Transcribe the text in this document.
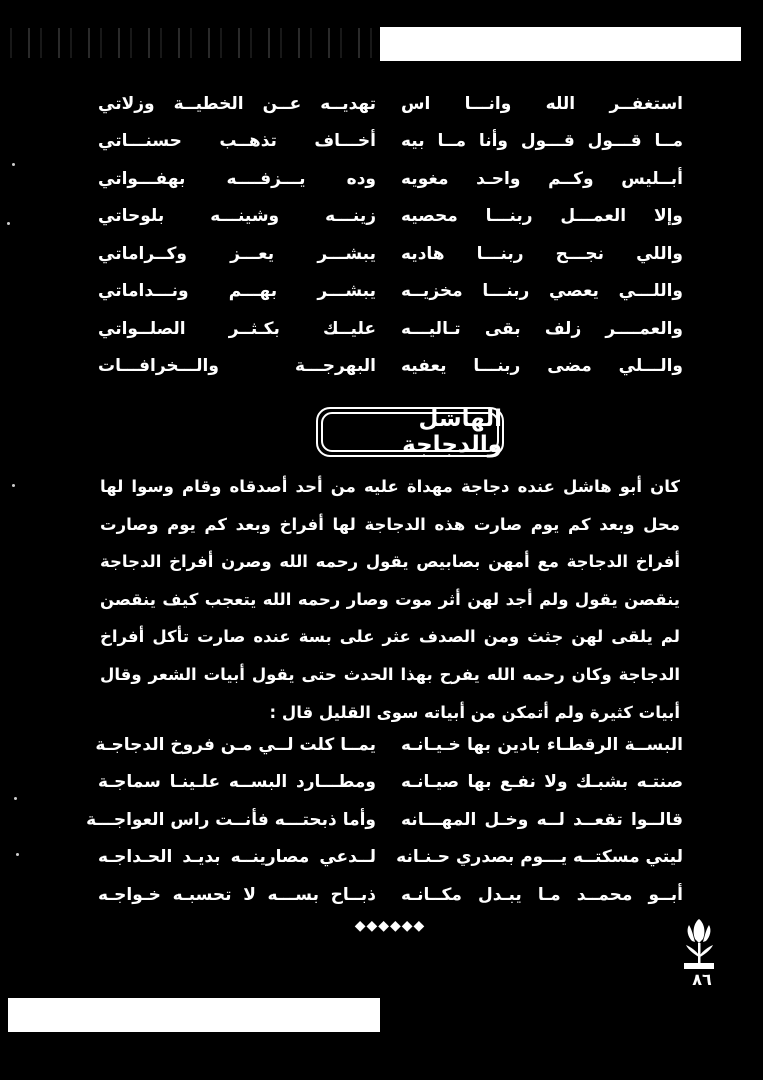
استغفــر الله وانـــا اس
تهديــه عــن الخطيــة وزلاتي
مــا قـــول قـــول وأنا مــا بيه
أخـــاف تذهــب حسنـــاتي
أبــليس وكــم واحـد مغويه
وده يـــزفــــه بهفـــواتي
وإلا العمـــل ربنـــا محصيه
زينـــه وشينـــه بلوحاتي
واللي نجـــح ربنـــا هاديه
يبشـــر يعـــز وكــراماتي
واللـــي يعصي ربنـــا مخزيــه
يبشـــر بهـــم ونـــداماتي
والعمــــر زلف بقى تـاليـــه
عليــك بكـثــر الصلــواتي
والـــلي مضى ربنـــا يعفيه
البهرجـــة والـــخرافـــات
الهاشل والدجاجة
كان أبو هاشل عنده دجاجة مهداة عليه من أحد أصدقاه وقام وسوا لها
محل وبعد كم يوم صارت هذه الدجاجة لها أفراخ وبعد كم يوم وصارت
أفراخ الدجاجة مع أمهن بصابيص يقول رحمه الله وصرن أفراخ الدجاجة
ينقصن يقول ولم أجد لهن أثر موت وصار رحمه الله يتعجب كيف ينقصن
لم يلقى لهن جثث ومن الصدف عثر على بسة عنده صارت تأكل أفراخ
الدجاجة وكان رحمه الله يفرح بهذا الحدث حتى يقول أبيات الشعر وقال
أبيات كثيرة ولم أتمكن من أبياته سوى القليل قال :
البســة الرقطـاء بادين بها خـيـانـه
يمــا كلت لــي مـن فروخ الدجاجـة
صنتـه بشبـك ولا نفـع بها صيـانـه
ومطـــارد البســه علـينـا سماجـة
قالــوا تقعــد لــه وخـل المهـــانه
وأما ذبحتـــه فأنــت راس العواجـــة
ليتي مسكتــه يـــوم بصدري حـنـانه
لــدعي مصارينــه بديـد الحـداجـه
أبــو محمــد مـا يبـدل مكــانـه
ذبــاح بســـه لا تحسبـه خـواجـه
◆◆◆◆◆◆
٨٦
